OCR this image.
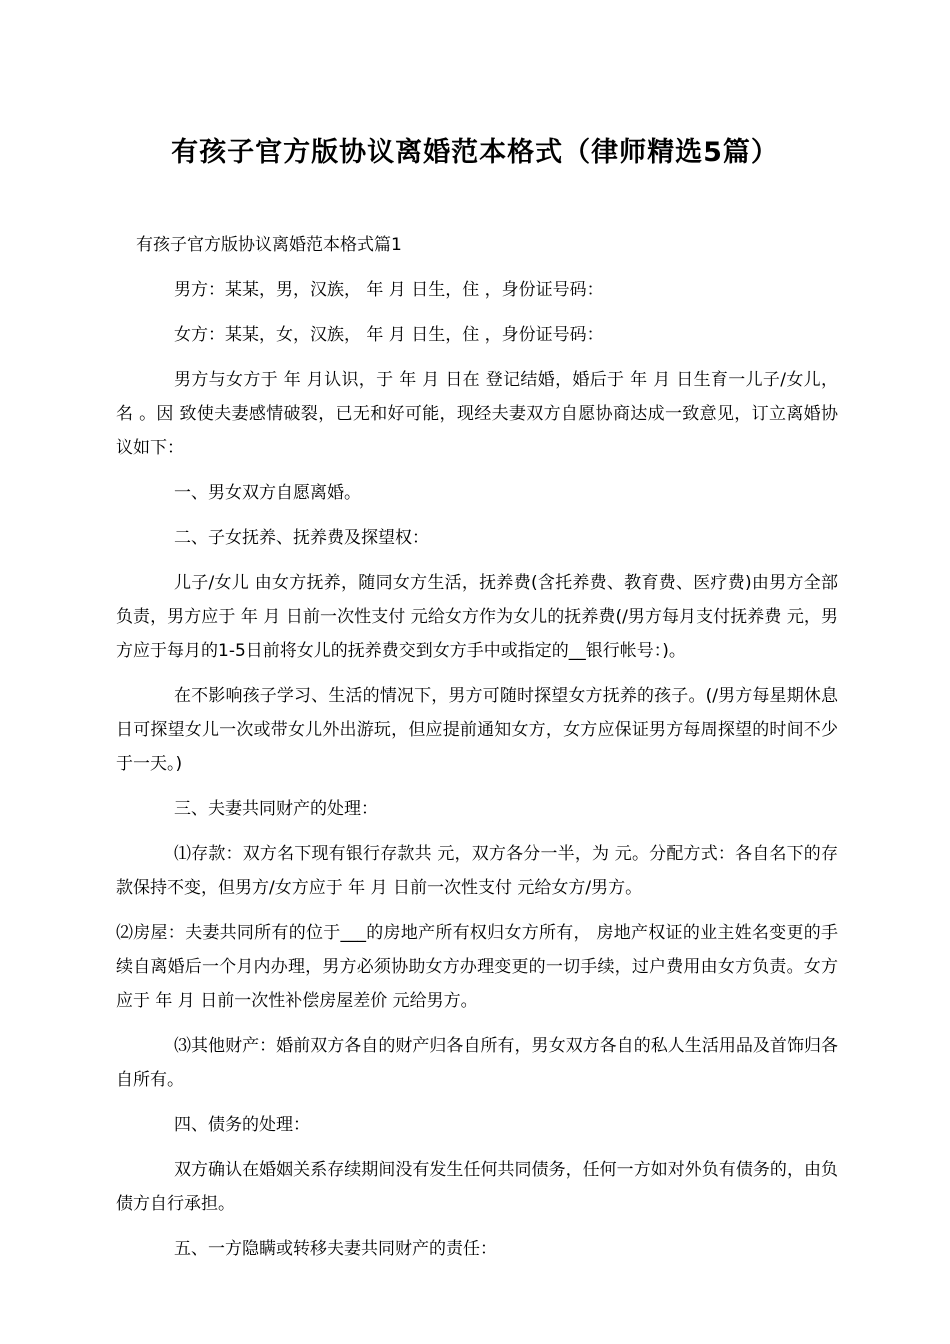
有孩子官方版协议离婚范本格式（律师精选5篇）

有孩子官方版协议离婚范本格式篇1

男方：某某，男，汉族， 年 月 日生，住 ，身份证号码：

女方：某某，女，汉族， 年 月 日生，住 ，身份证号码：

男方与女方于 年 月认识，于 年 月 日在 登记结婚，婚后于 年 月 日生育一儿子/女儿，名 。因 致使夫妻感情破裂，已无和好可能，现经夫妻双方自愿协商达成一致意见，订立离婚协议如下：

一、男女双方自愿离婚。

二、子女抚养、抚养费及探望权：

儿子/女儿 由女方抚养，随同女方生活，抚养费(含托养费、教育费、医疗费)由男方全部负责，男方应于 年 月 日前一次性支付 元给女方作为女儿的抚养费(/男方每月支付抚养费 元，男方应于每月的1-5日前将女儿的抚养费交到女方手中或指定的__银行帐号：)。

在不影响孩子学习、生活的情况下，男方可随时探望女方抚养的孩子。(/男方每星期休息日可探望女儿一次或带女儿外出游玩，但应提前通知女方，女方应保证男方每周探望的时间不少于一天。)

三、夫妻共同财产的处理：

⑴存款：双方名下现有银行存款共 元，双方各分一半，为 元。分配方式：各自名下的存款保持不变，但男方/女方应于 年 月 日前一次性支付 元给女方/男方。

⑵房屋：夫妻共同所有的位于___的房地产所有权归女方所有， 房地产权证的业主姓名变更的手续自离婚后一个月内办理，男方必须协助女方办理变更的一切手续，过户费用由女方负责。女方应于 年 月 日前一次性补偿房屋差价 元给男方。

⑶其他财产：婚前双方各自的财产归各自所有，男女双方各自的私人生活用品及首饰归各自所有。

四、债务的处理：

双方确认在婚姻关系存续期间没有发生任何共同债务，任何一方如对外负有债务的，由负债方自行承担。

五、一方隐瞒或转移夫妻共同财产的责任：
